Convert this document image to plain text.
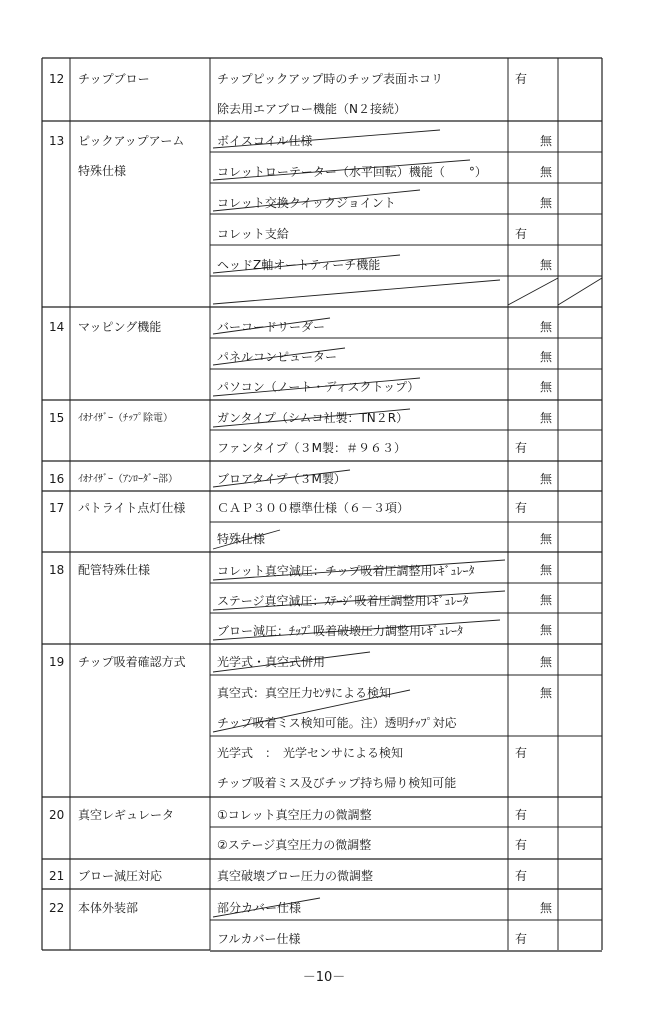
12 チップブロー	チップピックアップ時のチップ表面ホコリ	有
除去用エアブロー機能（N２接続）
13 ピックアップアーム
特殊仕様
ボイスコイル仕様	無
コレットローテーター（水平回転）機能（　　°）	無
コレット交換クイックジョイント	無
コレット支給	有
ヘッドZ軸オートティーチ機能	無
14 マッピング機能	バーコードリーダー	無
パネルコンピューター	無
パソコン（ノート・ディスクトップ）	無
15 ｲｵﾅｲｻﾞｰ（ﾁｯﾌﾟ除電）	ガンタイプ（シムコ社製：TN２R）	無
ファンタイプ（３M製：＃９６３）	有
16 ｲｵﾅｲｻﾞｰ（ｱﾝﾛｰﾀﾞｰ部）	ブロアタイプ（３M製）	無
17 パトライト点灯仕様	ＣＡＰ３００標準仕様（６－３項）	有
特殊仕様	無
18 配管特殊仕様	コレット真空減圧：チップ吸着圧調整用ﾚｷﾞｭﾚｰﾀ	無
ステージ真空減圧：ｽﾃｰｼﾞ吸着圧調整用ﾚｷﾞｭﾚｰﾀ	無
ブロー減圧：ﾁｯﾌﾟ吸着破壊圧力調整用ﾚｷﾞｭﾚｰﾀ	無
19 チップ吸着確認方式	光学式・真空式併用	無
真空式：真空圧力ｾﾝｻによる検知	無
チップ吸着ミス検知可能。注）透明ﾁｯﾌﾟ対応
光学式　：　光学センサによる検知	有
チップ吸着ミス及びチップ持ち帰り検知可能
20 真空レギュレータ	①コレット真空圧力の微調整	有
②ステージ真空圧力の微調整	有
21 ブロー減圧対応	真空破壊ブロー圧力の微調整	有
22 本体外装部	部分カバー仕様	無
フルカバー仕様	有
－10－
